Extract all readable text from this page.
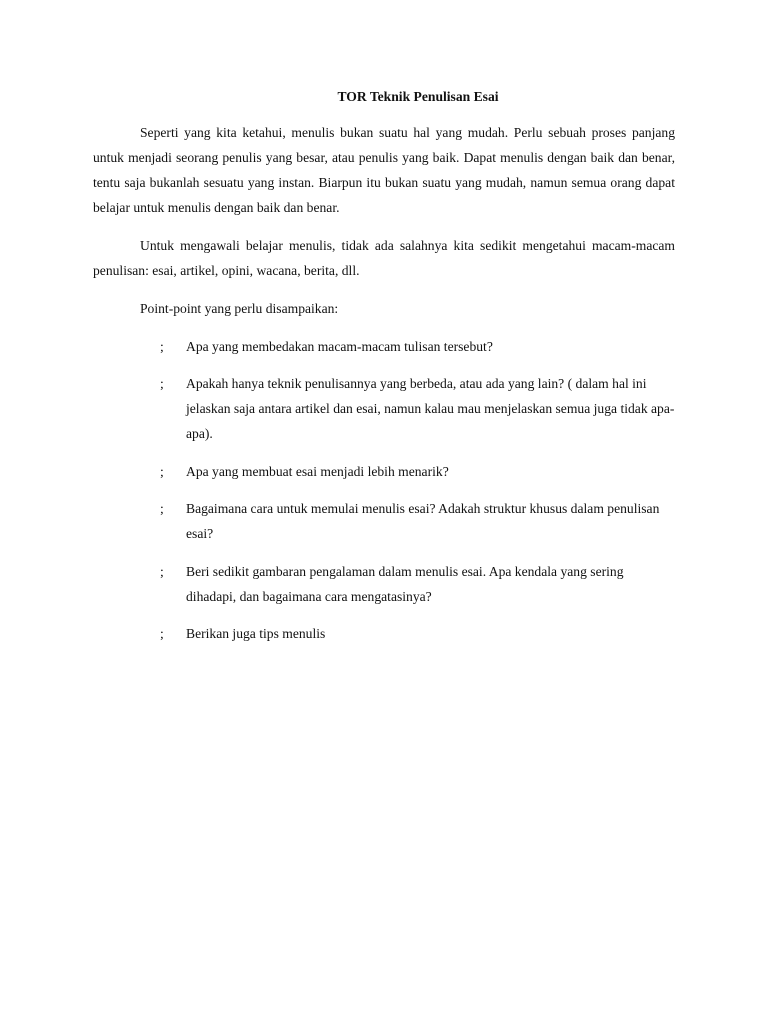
TOR Teknik Penulisan Esai

Seperti yang kita ketahui, menulis bukan suatu hal yang mudah. Perlu sebuah proses panjang untuk menjadi seorang penulis yang besar, atau penulis yang baik. Dapat menulis dengan baik dan benar, tentu saja bukanlah sesuatu yang instan. Biarpun itu bukan suatu yang mudah, namun semua orang dapat belajar untuk menulis dengan baik dan benar.

Untuk mengawali belajar menulis, tidak ada salahnya kita sedikit mengetahui macam-macam penulisan: esai, artikel, opini, wacana, berita, dll.

Point-point yang perlu disampaikan:

; Apa yang membedakan macam-macam tulisan tersebut?
; Apakah hanya teknik penulisannya yang berbeda, atau ada yang lain? ( dalam hal ini jelaskan saja antara artikel dan esai, namun kalau mau menjelaskan semua juga tidak apa-apa).
; Apa yang membuat esai menjadi lebih menarik?
; Bagaimana cara untuk memulai menulis esai? Adakah struktur khusus dalam penulisan esai?
; Beri sedikit gambaran pengalaman dalam menulis esai. Apa kendala yang sering dihadapi, dan bagaimana cara mengatasinya?
; Berikan juga tips menulis
